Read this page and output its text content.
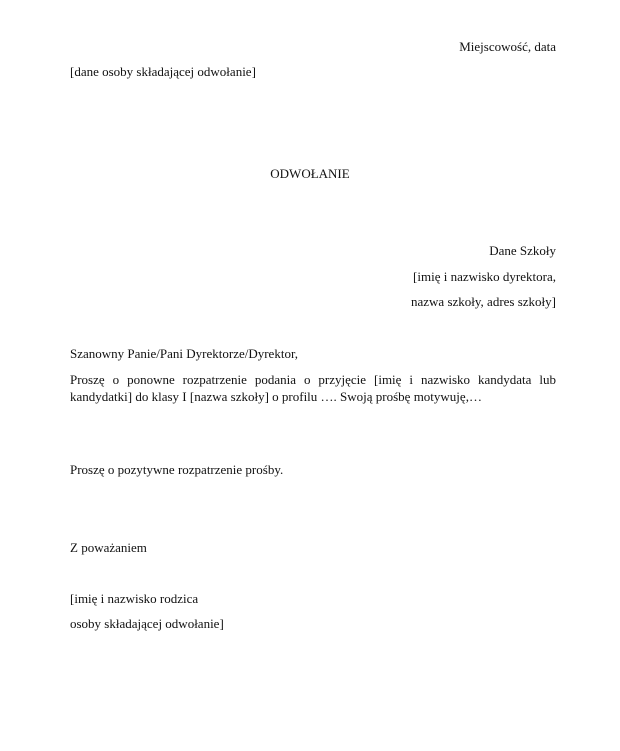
Miejscowość, data
[dane osoby składającej odwołanie]
ODWOŁANIE
Dane Szkoły
[imię i nazwisko dyrektora,
nazwa szkoły, adres szkoły]
Szanowny Panie/Pani Dyrektorze/Dyrektor,
Proszę o ponowne rozpatrzenie podania o przyjęcie [imię i nazwisko kandydata lub kandydatki] do klasy I [nazwa szkoły] o profilu …. Swoją prośbę motywuję,…
Proszę o pozytywne rozpatrzenie prośby.
Z poważaniem
[imię i nazwisko rodzica
osoby składającej odwołanie]
